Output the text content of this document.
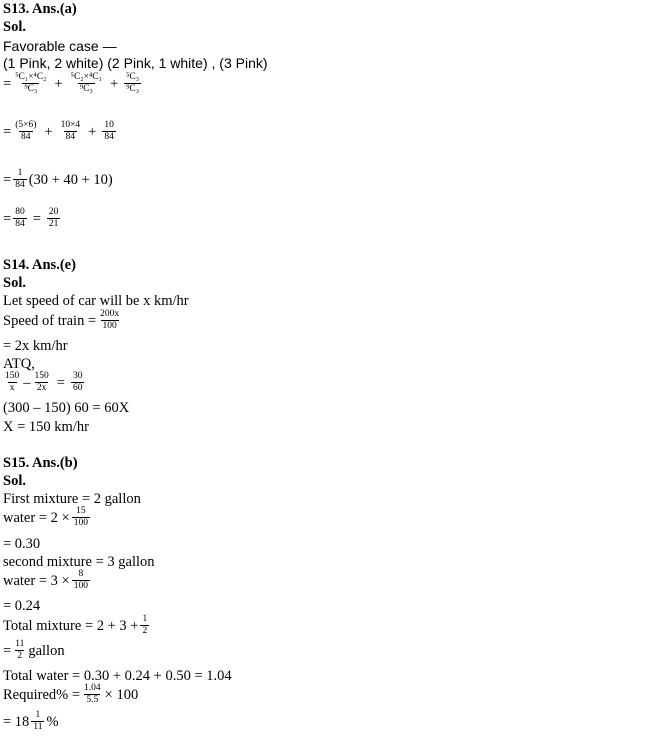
S13. Ans.(a)
Sol.
Favorable case —
(1 Pink, 2 white) (2 Pink, 1 white) , (3 Pink)
= $\frac{\text{⁵C₁×⁴C₂}}{\text{⁹C₃}} + \frac{\text{⁵C₂×⁴C₁}}{\text{⁹C₃}} + \frac{\text{⁵C₃}}{\text{⁹C₃}}$
= $\frac{(5\times 6)}{84} + \frac{10\times 4}{84} + \frac{10}{84}$
= $\frac{1}{84} (30 + 40 + 10)$
= $\frac{80}{84} = \frac{20}{21}$
S14. Ans.(e)
Sol.
Let speed of car will be x km/hr
Speed of train = $\frac{200x}{100}$
= 2x km/hr
ATQ,
$\frac{150}{x} - \frac{150}{2x} = \frac{30}{60}$
(300 – 150) 60 = 60X
X = 150 km/hr
S15. Ans.(b)
Sol.
First mixture = 2 gallon
water = $2 \times \frac{15}{100}$
= 0.30
second mixture = 3 gallon
water = $3 \times \frac{8}{100}$
= 0.24
Total mixture = $2 + 3 + \frac{1}{2}$
= $\frac{11}{2}$ gallon
Total water = 0.30 + 0.24 + 0.50 = 1.04
Required% = $\frac{1.04}{5.5} \times 100$
= $18 \frac{1}{11}$ %
